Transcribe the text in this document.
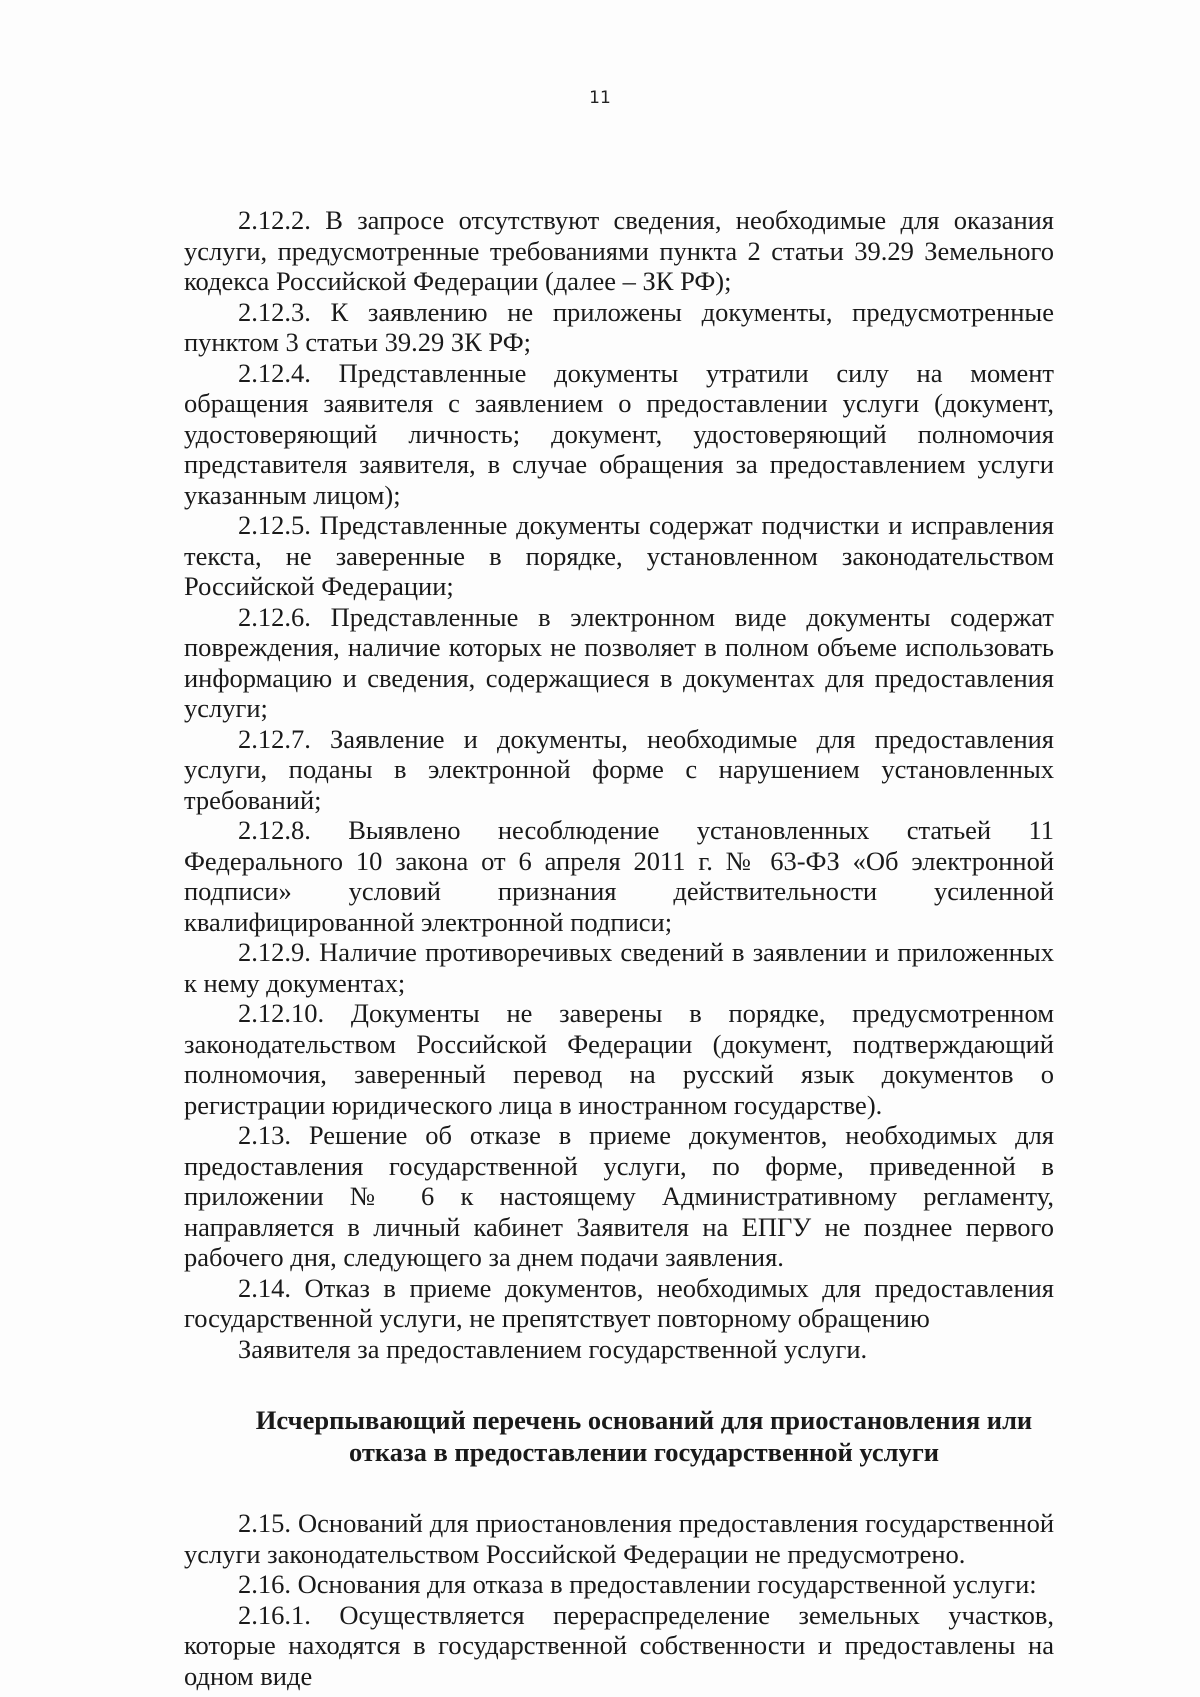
11

2.12.2. В запросе отсутствуют сведения, необходимые для оказания услуги, предусмотренные требованиями пункта 2 статьи 39.29 Земельного кодекса Российской Федерации (далее – ЗК РФ);

2.12.3. К заявлению не приложены документы, предусмотренные пунктом 3 статьи 39.29 ЗК РФ;

2.12.4. Представленные документы утратили силу на момент обращения заявителя с заявлением о предоставлении услуги (документ, удостоверяющий личность; документ, удостоверяющий полномочия представителя заявителя, в случае обращения за предоставлением услуги указанным лицом);

2.12.5. Представленные документы содержат подчистки и исправления текста, не заверенные в порядке, установленном законодательством Российской Федерации;

2.12.6. Представленные в электронном виде документы содержат повреждения, наличие которых не позволяет в полном объеме использовать информацию и сведения, содержащиеся в документах для предоставления услуги;

2.12.7. Заявление и документы, необходимые для предоставления услуги, поданы в электронной форме с нарушением установленных требований;

2.12.8. Выявлено несоблюдение установленных статьей 11 Федерального 10 закона от 6 апреля 2011 г. № 63-ФЗ «Об электронной подписи» условий признания действительности усиленной квалифицированной электронной подписи;

2.12.9. Наличие противоречивых сведений в заявлении и приложенных к нему документах;

2.12.10. Документы не заверены в порядке, предусмотренном законодательством Российской Федерации (документ, подтверждающий полномочия, заверенный перевод на русский язык документов о регистрации юридического лица в иностранном государстве).

2.13. Решение об отказе в приеме документов, необходимых для предоставления государственной услуги, по форме, приведенной в приложении № 6 к настоящему Административному регламенту, направляется в личный кабинет Заявителя на ЕПГУ не позднее первого рабочего дня, следующего за днем подачи заявления.

2.14. Отказ в приеме документов, необходимых для предоставления государственной услуги, не препятствует повторному обращению

Заявителя за предоставлением государственной услуги.

Исчерпывающий перечень оснований для приостановления или

отказа в предоставлении государственной услуги

2.15. Оснований для приостановления предоставления государственной услуги законодательством Российской Федерации не предусмотрено.

2.16. Основания для отказа в предоставлении государственной услуги:

2.16.1. Осуществляется перераспределение земельных участков, которые находятся в государственной собственности и предоставлены на одном виде
